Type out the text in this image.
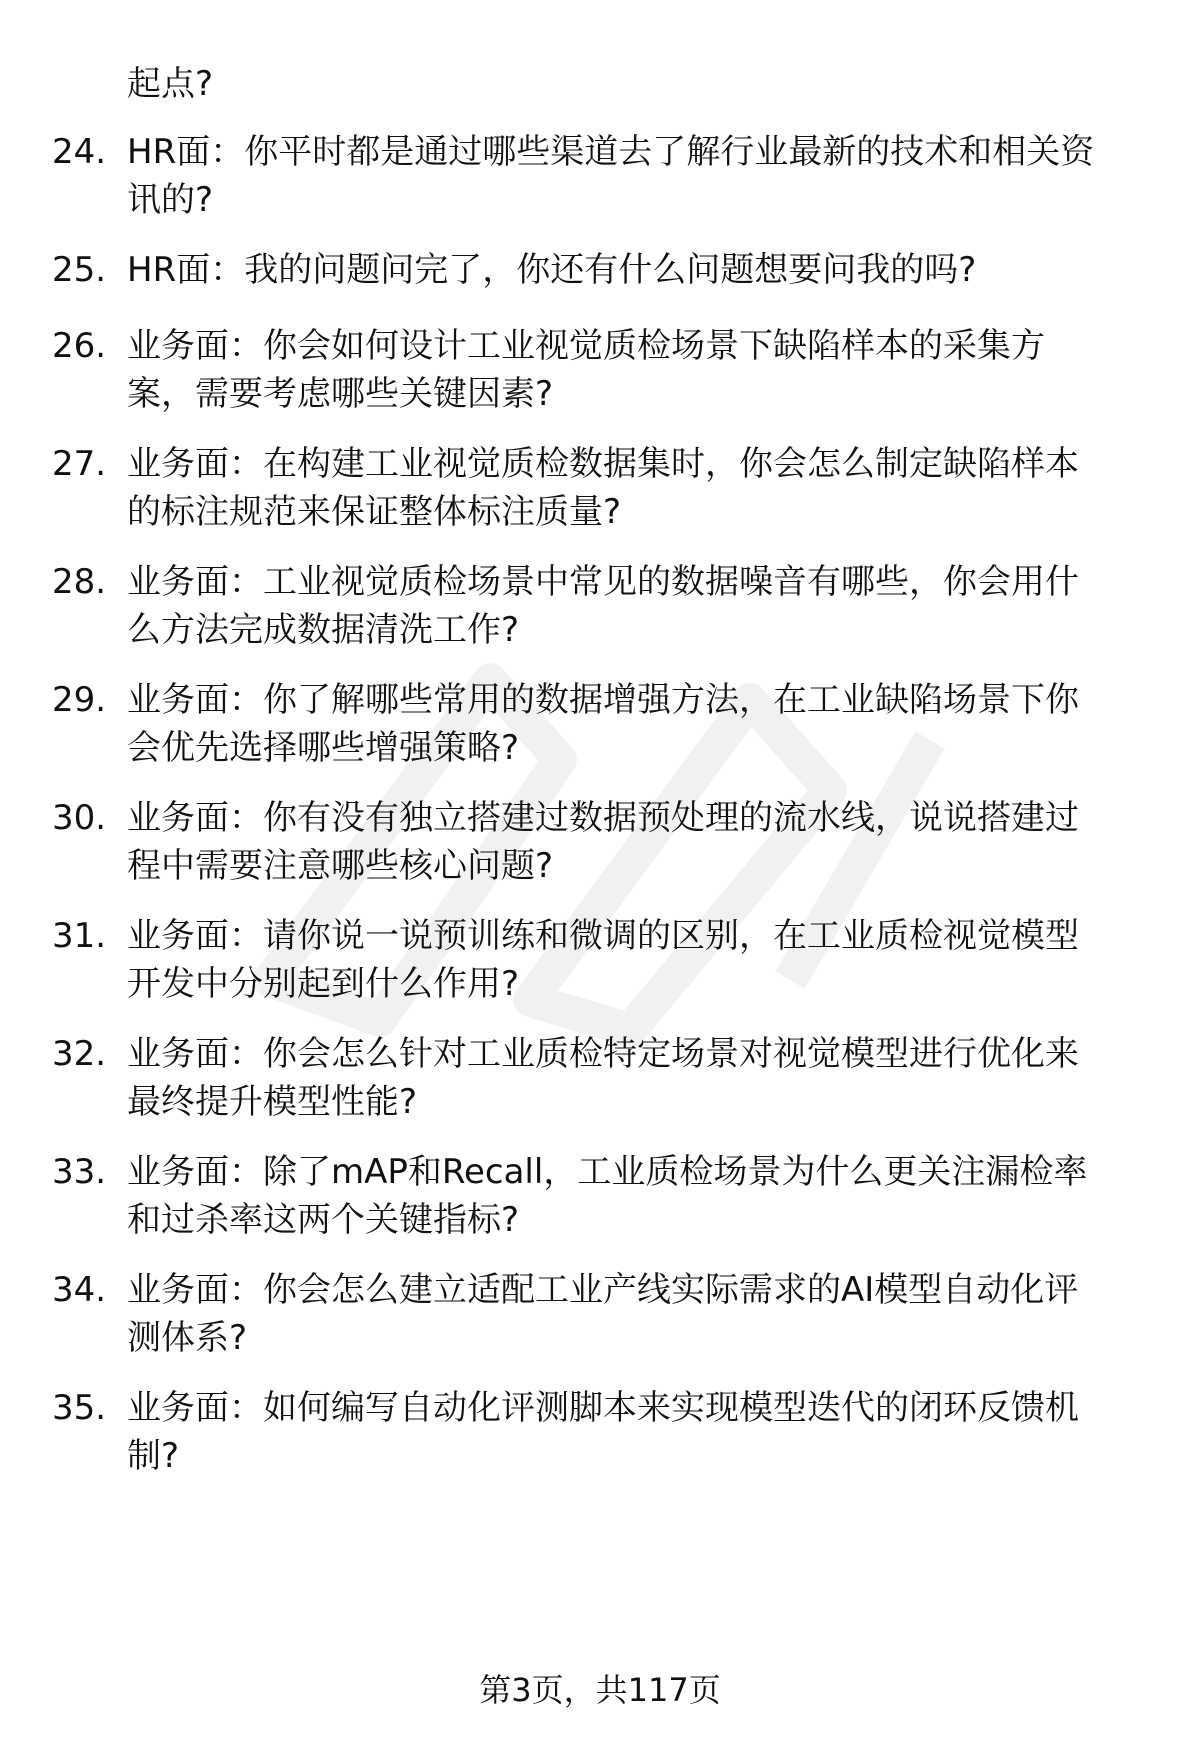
起点?
24. HR面：你平时都是通过哪些渠道去了解行业最新的技术和相关资
讯的?
25. HR面：我的问题问完了，你还有什么问题想要问我的吗?
26. 业务面：你会如何设计工业视觉质检场景下缺陷样本的采集方
案，需要考虑哪些关键因素?
27. 业务面：在构建工业视觉质检数据集时，你会怎么制定缺陷样本
的标注规范来保证整体标注质量?
28. 业务面：工业视觉质检场景中常见的数据噪音有哪些，你会用什
么方法完成数据清洗工作?
29. 业务面：你了解哪些常用的数据增强方法，在工业缺陷场景下你
会优先选择哪些增强策略?
30. 业务面：你有没有独立搭建过数据预处理的流水线，说说搭建过
程中需要注意哪些核心问题?
31. 业务面：请你说一说预训练和微调的区别，在工业质检视觉模型
开发中分别起到什么作用?
32. 业务面：你会怎么针对工业质检特定场景对视觉模型进行优化来
最终提升模型性能?
33. 业务面：除了mAP和Recall，工业质检场景为什么更关注漏检率
和过杀率这两个关键指标?
34. 业务面：你会怎么建立适配工业产线实际需求的AI模型自动化评
测体系?
35. 业务面：如何编写自动化评测脚本来实现模型迭代的闭环反馈机
制?
第3页，共117页
